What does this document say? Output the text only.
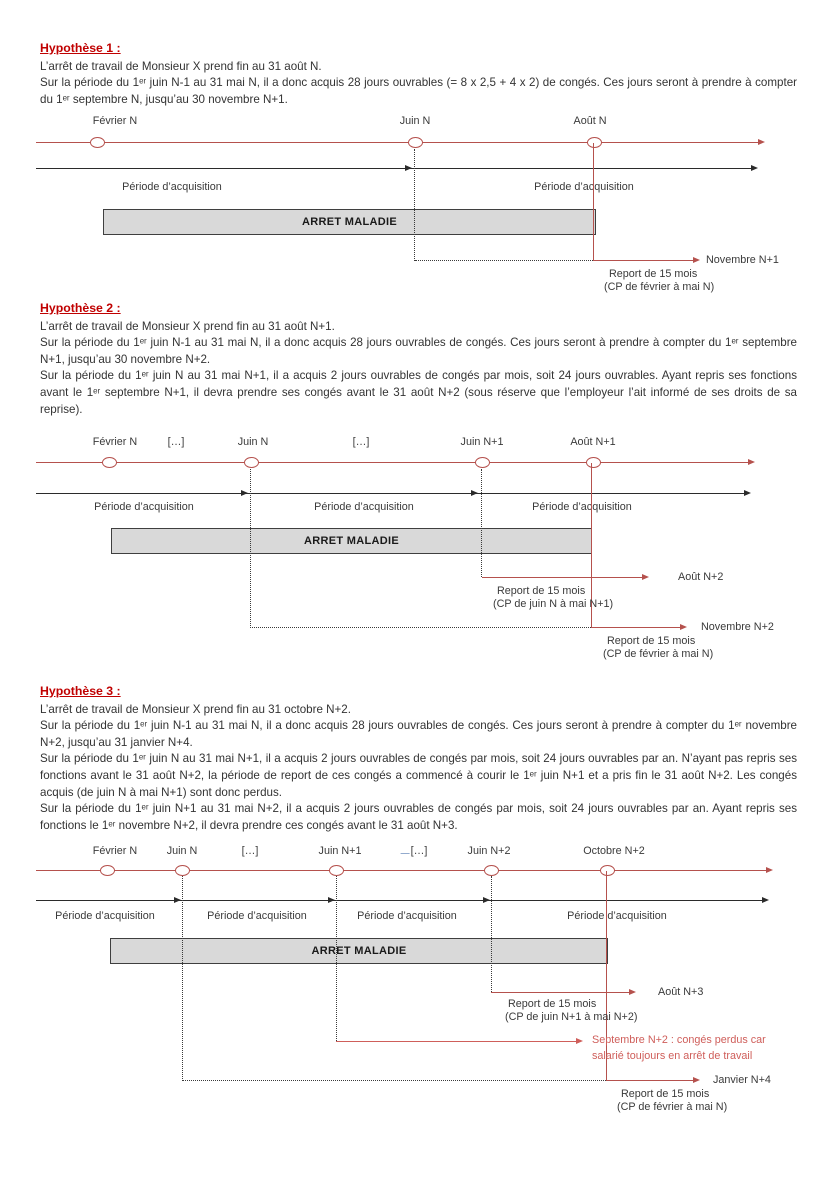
Hypothèse 1 :
L’arrêt de travail de Monsieur X prend fin au 31 août N.
Sur la période du 1ᵉʳ juin N-1 au 31 mai N, il a donc acquis 28 jours ouvrables (= 8 x 2,5 + 4 x 2) de congés. Ces jours seront à prendre à compter du 1ᵉʳ septembre N, jusqu’au 30 novembre N+1.
Février N	Juin N	Août N
Période d’acquisition	Période d’acquisition
ARRET MALADIE
Novembre N+1
Report de 15 mois
(CP de février à mai N)
Hypothèse 2 :
L’arrêt de travail de Monsieur X prend fin au 31 août N+1.
Sur la période du 1ᵉʳ juin N-1 au 31 mai N, il a donc acquis 28 jours ouvrables de congés. Ces jours seront à prendre à compter du 1ᵉʳ septembre N+1, jusqu’au 30 novembre N+2.
Sur la période du 1ᵉʳ juin N au 31 mai N+1, il a acquis 2 jours ouvrables de congés par mois, soit 24 jours ouvrables. Ayant repris ses fonctions avant le 1ᵉʳ septembre N+1, il devra prendre ses congés avant le 31 août N+2 (sous réserve que l’employeur l’ait informé de ses droits de sa reprise).
Février N	[…]	Juin N	[…]	Juin N+1	Août N+1
Période d’acquisition	Période d’acquisition	Période d’acquisition
ARRET MALADIE
Août N+2
Report de 15 mois
(CP de juin N à mai N+1)
Novembre N+2
Report de 15 mois
(CP de février à mai N)
Hypothèse 3 :
L’arrêt de travail de Monsieur X prend fin au 31 octobre N+2.
Sur la période du 1ᵉʳ juin N-1 au 31 mai N, il a donc acquis 28 jours ouvrables de congés. Ces jours seront à prendre à compter du 1ᵉʳ novembre N+2, jusqu’au 31 janvier N+4.
Sur la période du 1ᵉʳ juin N au 31 mai N+1, il a acquis 2 jours ouvrables de congés par mois, soit 24 jours ouvrables par an. N’ayant pas repris ses fonctions avant le 31 août N+2, la période de report de ces congés a commencé à courir le 1ᵉʳ juin N+1 et a pris fin le 31 août N+2. Les congés acquis (de juin N à mai N+1) sont donc perdus.
Sur la période du 1ᵉʳ juin N+1 au 31 mai N+2, il a acquis 2 jours ouvrables de congés par mois, soit 24 jours ouvrables par an. Ayant repris ses fonctions le 1ᵉʳ novembre N+2, il devra prendre ces congés avant le 31 août N+3.
Février N	Juin N	[…]	Juin N+1	[…]	Juin N+2	Octobre N+2
Période d’acquisition	Période d’acquisition	Période d’acquisition	Période d’acquisition
ARRET MALADIE
Août N+3
Report de 15 mois
(CP de juin N+1 à mai N+2)
Septembre N+2 : congés perdus car
salarié toujours en arrêt de travail
Janvier N+4
Report de 15 mois
(CP de février à mai N)
